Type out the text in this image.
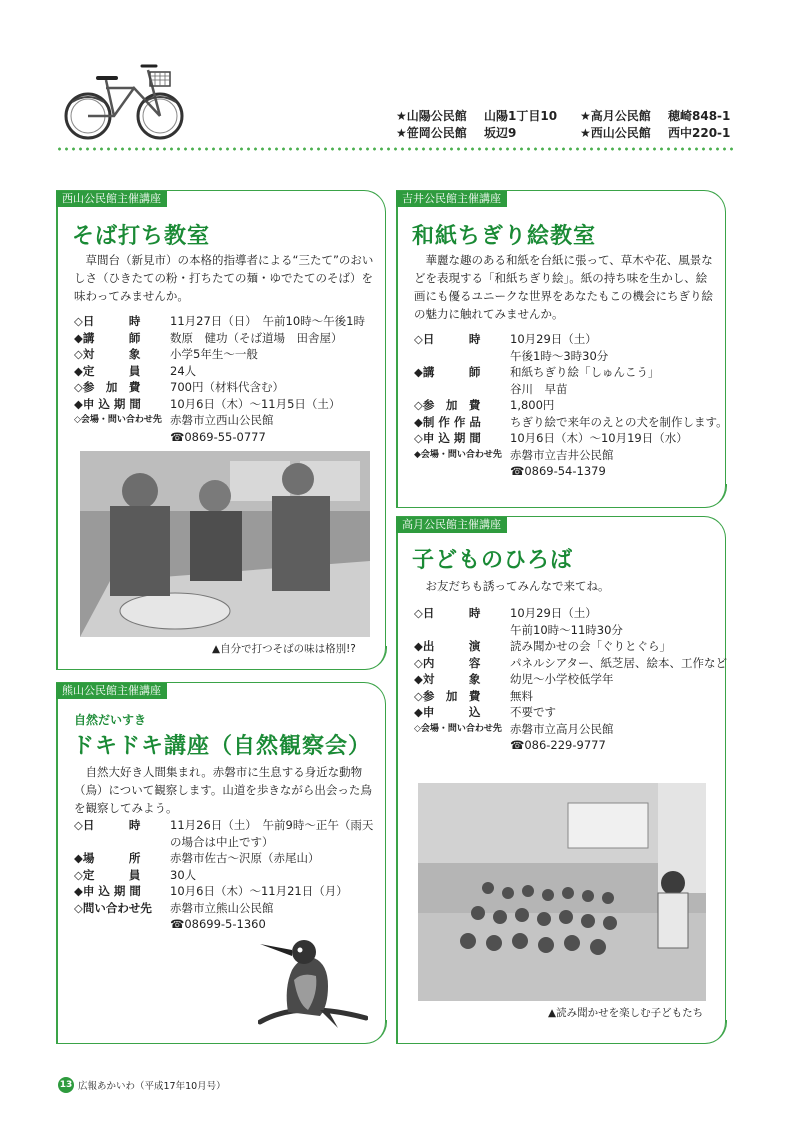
★山陽公民館 山陽1丁目10
★笹岡公民館 坂辺9
★高月公民館 穂崎848-1
★西山公民館 西中220-1
西山公民館主催講座
そば打ち教室
草間台（新見市）の本格的指導者による“三たて”のおいしさ（ひきたての粉・打ちたての麺・ゆでたてのそば）を味わってみませんか。
◇日　　　時	11月27日（日）　午前10時～午後1時
◆講　　　師	数原　健功（そば道場　田舎屋）
◇対　　　象	小学5年生～一般
◆定　　　員	24人
◇参　加　費	700円（材料代含む）
◆申 込 期 間	10月6日（木）～11月5日（土）
◇会場・問い合わせ先 赤磐市立西山公民館
☎0869-55-0777
▲自分で打つそばの味は格別!?
吉井公民館主催講座
和紙ちぎり絵教室
華麗な趣のある和紙を台紙に張って、草木や花、風景などを表現する「和紙ちぎり絵」。紙の持ち味を生かし、絵画にも優るユニークな世界をあなたもこの機会にちぎり絵の魅力に触れてみませんか。
◇日　　　時	10月29日（土）
午後1時～3時30分
◆講　　　師	和紙ちぎり絵「しゅんこう」
谷川　早苗
◇参　加　費	1,800円
◆制 作 作 品	ちぎり絵で来年のえとの犬を制作します。
◇申 込 期 間	10月6日（木）～10月19日（水）
◆会場・問い合わせ先 赤磐市立吉井公民館
☎0869-54-1379
高月公民館主催講座
子どものひろば
お友だちも誘ってみんなで来てね。
◇日　　　時	10月29日（土）
午前10時～11時30分
◆出　　　演	読み聞かせの会「ぐりとぐら」
◇内　　　容	パネルシアター、紙芝居、絵本、工作など
◆対　　　象	幼児～小学校低学年
◇参　加　費	無料
◆申　　　込	不要です
◇会場・問い合わせ先 赤磐市立高月公民館
☎086-229-9777
▲読み聞かせを楽しむ子どもたち
熊山公民館主催講座
自然だいすき
ドキドキ講座（自然観察会）
自然大好き人間集まれ。赤磐市に生息する身近な動物（鳥）について観察します。山道を歩きながら出会った鳥を観察してみよう。
◇日　　　時	11月26日（土）　午前9時～正午（雨天
の場合は中止です）
◆場　　　所	赤磐市佐古～沢原（赤尾山）
◇定　　　員	30人
◆申 込 期 間	10月6日（木）～11月21日（月）
◇問い合わせ先	赤磐市立熊山公民館
☎08699-5-1360
13 広報あかいわ（平成17年10月号）
